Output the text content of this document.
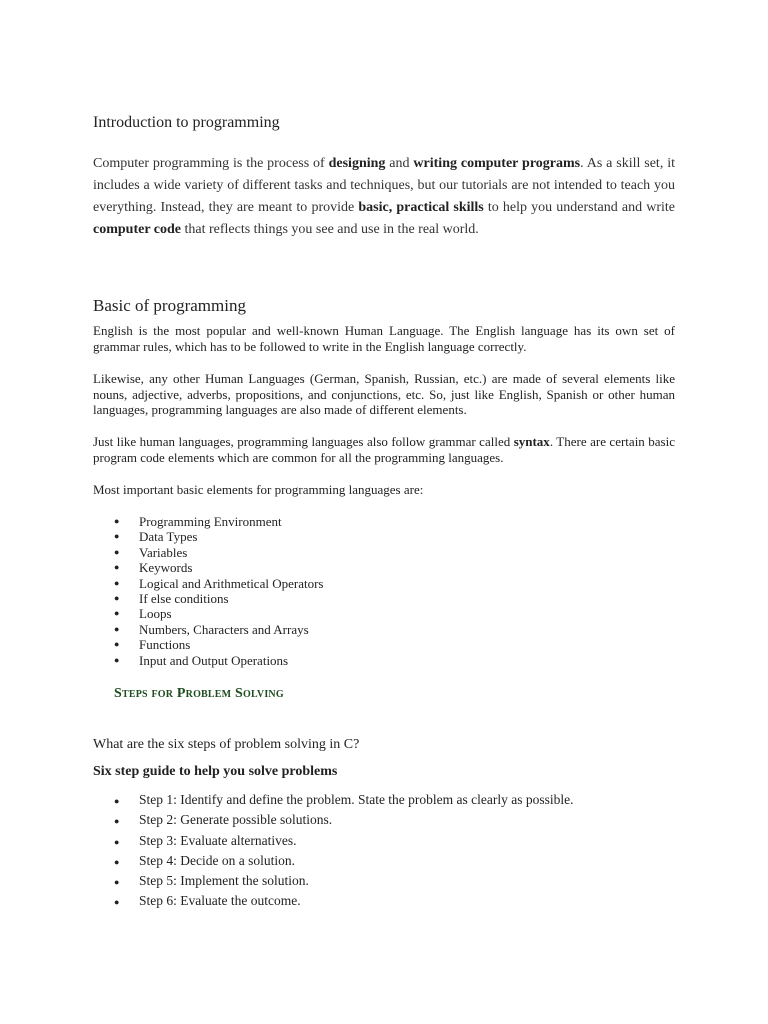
Introduction to programming

Computer programming is the process of designing and writing computer programs. As a skill set, it includes a wide variety of different tasks and techniques, but our tutorials are not intended to teach you everything. Instead, they are meant to provide basic, practical skills to help you understand and write computer code that reflects things you see and use in the real world.

Basic of programming

English is the most popular and well-known Human Language. The English language has its own set of grammar rules, which has to be followed to write in the English language correctly.

Likewise, any other Human Languages (German, Spanish, Russian, etc.) are made of several elements like nouns, adjective, adverbs, propositions, and conjunctions, etc. So, just like English, Spanish or other human languages, programming languages are also made of different elements.

Just like human languages, programming languages also follow grammar called syntax. There are certain basic program code elements which are common for all the programming languages.

Most important basic elements for programming languages are:

● Programming Environment
● Data Types
● Variables
● Keywords
● Logical and Arithmetical Operators
● If else conditions
● Loops
● Numbers, Characters and Arrays
● Functions
● Input and Output Operations
Steps for Problem Solving

What are the six steps of problem solving in C?

Six step guide to help you solve problems

● Step 1: Identify and define the problem. State the problem as clearly as possible.
● Step 2: Generate possible solutions.
● Step 3: Evaluate alternatives.
● Step 4: Decide on a solution.
● Step 5: Implement the solution.
● Step 6: Evaluate the outcome.
